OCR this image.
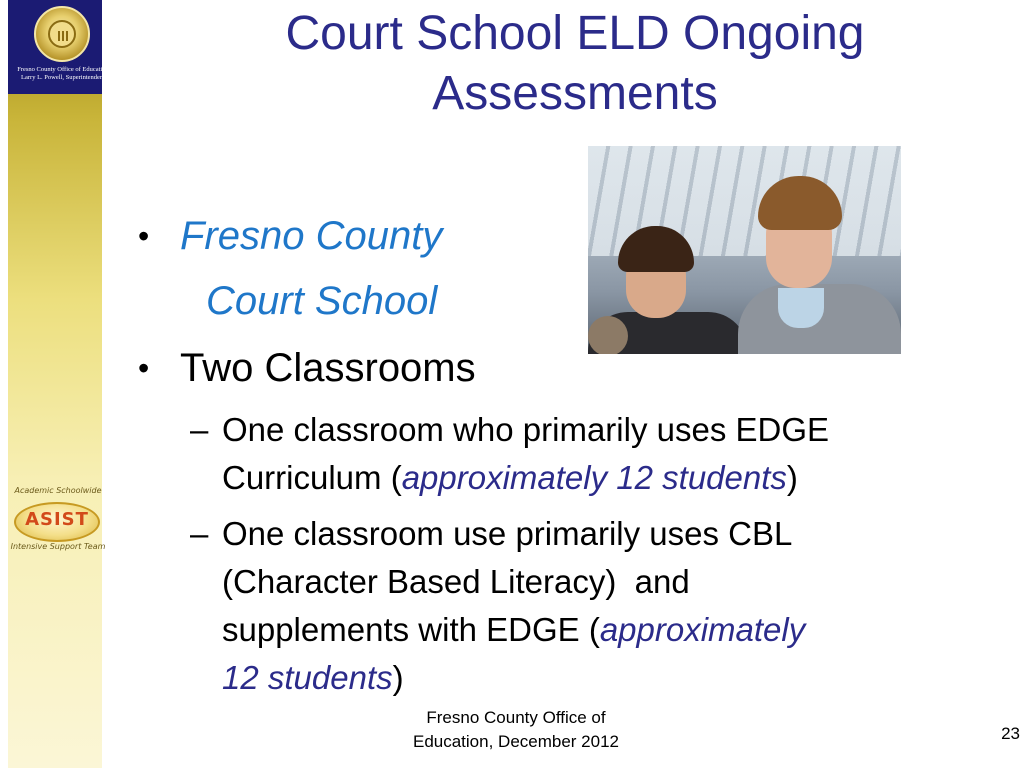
Fresno County Office of Education
Larry L. Powell, Superintendent
Academic Schoolwide
ASIST
Intensive Support Team
Court School ELD Ongoing
Assessments
• Fresno County
Court School
• Two Classrooms
– One classroom who primarily uses EDGE
Curriculum (approximately 12 students)
– One classroom use primarily uses CBL
(Character Based Literacy)  and
supplements with EDGE (approximately
12 students)
Fresno County Office of
Education, December 2012	23
